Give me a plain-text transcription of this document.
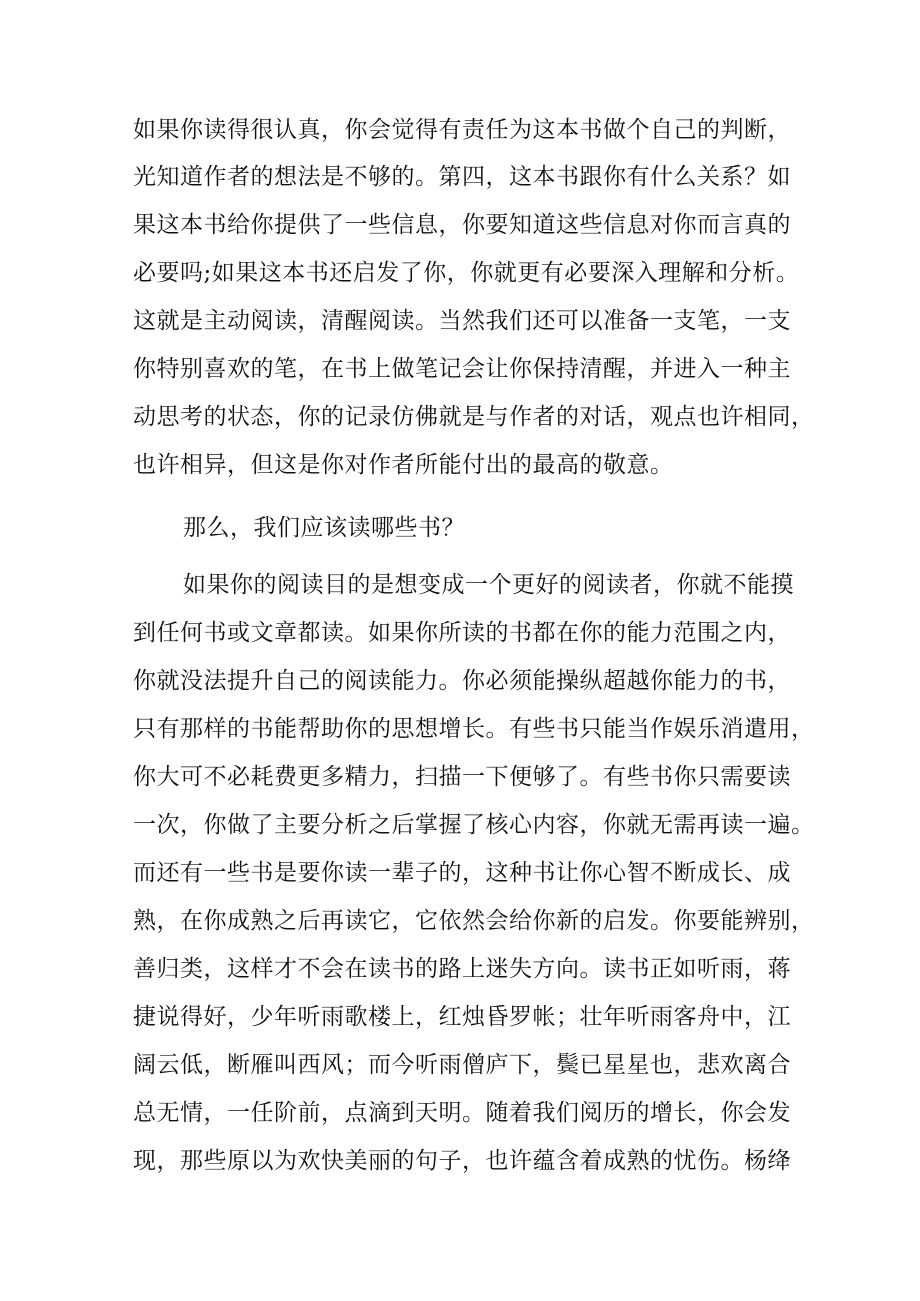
如果你读得很认真，你会觉得有责任为这本书做个自己的判断，
光知道作者的想法是不够的。第四，这本书跟你有什么关系？如
果这本书给你提供了一些信息，你要知道这些信息对你而言真的
必要吗;如果这本书还启发了你，你就更有必要深入理解和分析。
这就是主动阅读，清醒阅读。当然我们还可以准备一支笔，一支
你特别喜欢的笔，在书上做笔记会让你保持清醒，并进入一种主
动思考的状态，你的记录仿佛就是与作者的对话，观点也许相同，
也许相异，但这是你对作者所能付出的最高的敬意。
那么，我们应该读哪些书？
如果你的阅读目的是想变成一个更好的阅读者，你就不能摸
到任何书或文章都读。如果你所读的书都在你的能力范围之内，
你就没法提升自己的阅读能力。你必须能操纵超越你能力的书，
只有那样的书能帮助你的思想增长。有些书只能当作娱乐消遣用，
你大可不必耗费更多精力，扫描一下便够了。有些书你只需要读
一次，你做了主要分析之后掌握了核心内容，你就无需再读一遍。
而还有一些书是要你读一辈子的，这种书让你心智不断成长、成
熟，在你成熟之后再读它，它依然会给你新的启发。你要能辨别，
善归类，这样才不会在读书的路上迷失方向。读书正如听雨，蒋
捷说得好，少年听雨歌楼上，红烛昏罗帐；壮年听雨客舟中，江
阔云低，断雁叫西风；而今听雨僧庐下，鬓已星星也，悲欢离合
总无情，一任阶前，点滴到天明。随着我们阅历的增长，你会发
现，那些原以为欢快美丽的句子，也许蕴含着成熟的忧伤。杨绛
